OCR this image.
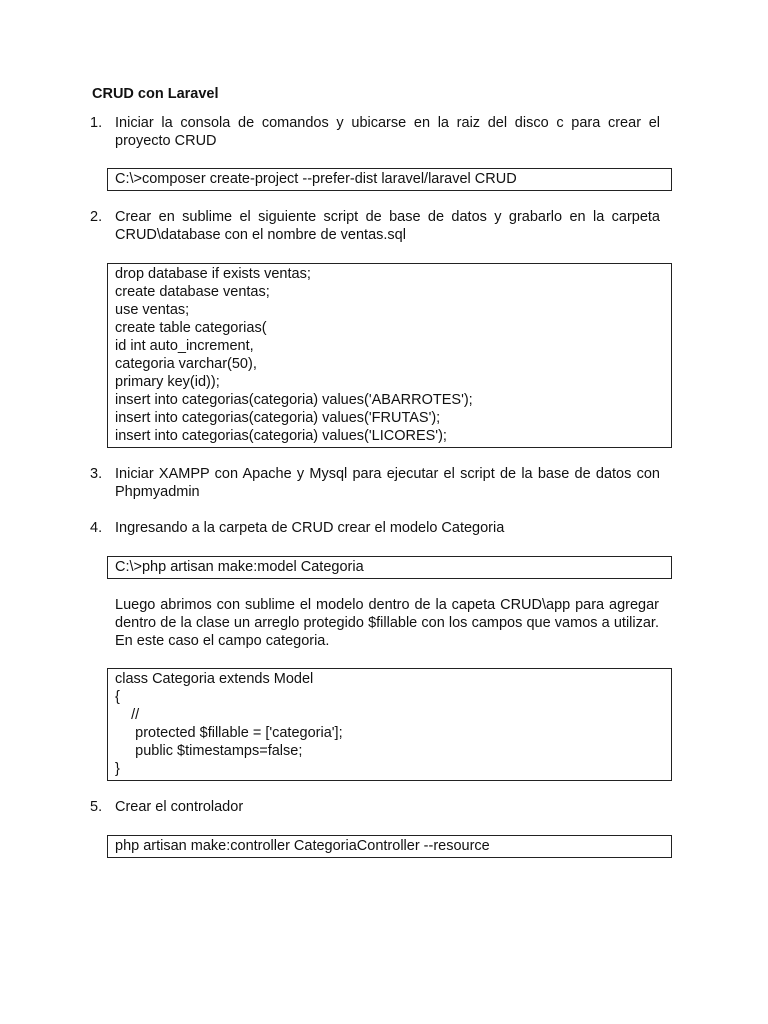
CRUD con Laravel
1. Iniciar la consola de comandos y ubicarse en la raiz del disco c para crear el proyecto CRUD
C:\>composer create-project --prefer-dist laravel/laravel CRUD
2. Crear en sublime el siguiente script de base de datos y grabarlo en la carpeta CRUD\database con el nombre de ventas.sql
drop database if exists ventas;
create database ventas;
use ventas;
create table categorias(
id int auto_increment,
categoria varchar(50),
primary key(id));
insert into categorias(categoria) values('ABARROTES');
insert into categorias(categoria) values('FRUTAS');
insert into categorias(categoria) values('LICORES');
3. Iniciar XAMPP con Apache y Mysql para ejecutar el script de la base de datos con Phpmyadmin
4. Ingresando a la carpeta de CRUD crear el modelo Categoria
C:\>php artisan make:model Categoria
Luego abrimos con sublime el modelo dentro de la capeta CRUD\app para agregar dentro de la clase un arreglo protegido $fillable con los campos que vamos a utilizar. En este caso el campo categoria.
class Categoria extends Model
{
//
protected $fillable = ['categoria'];
public $timestamps=false;
}
5. Crear el controlador
php artisan make:controller CategoriaController --resource
